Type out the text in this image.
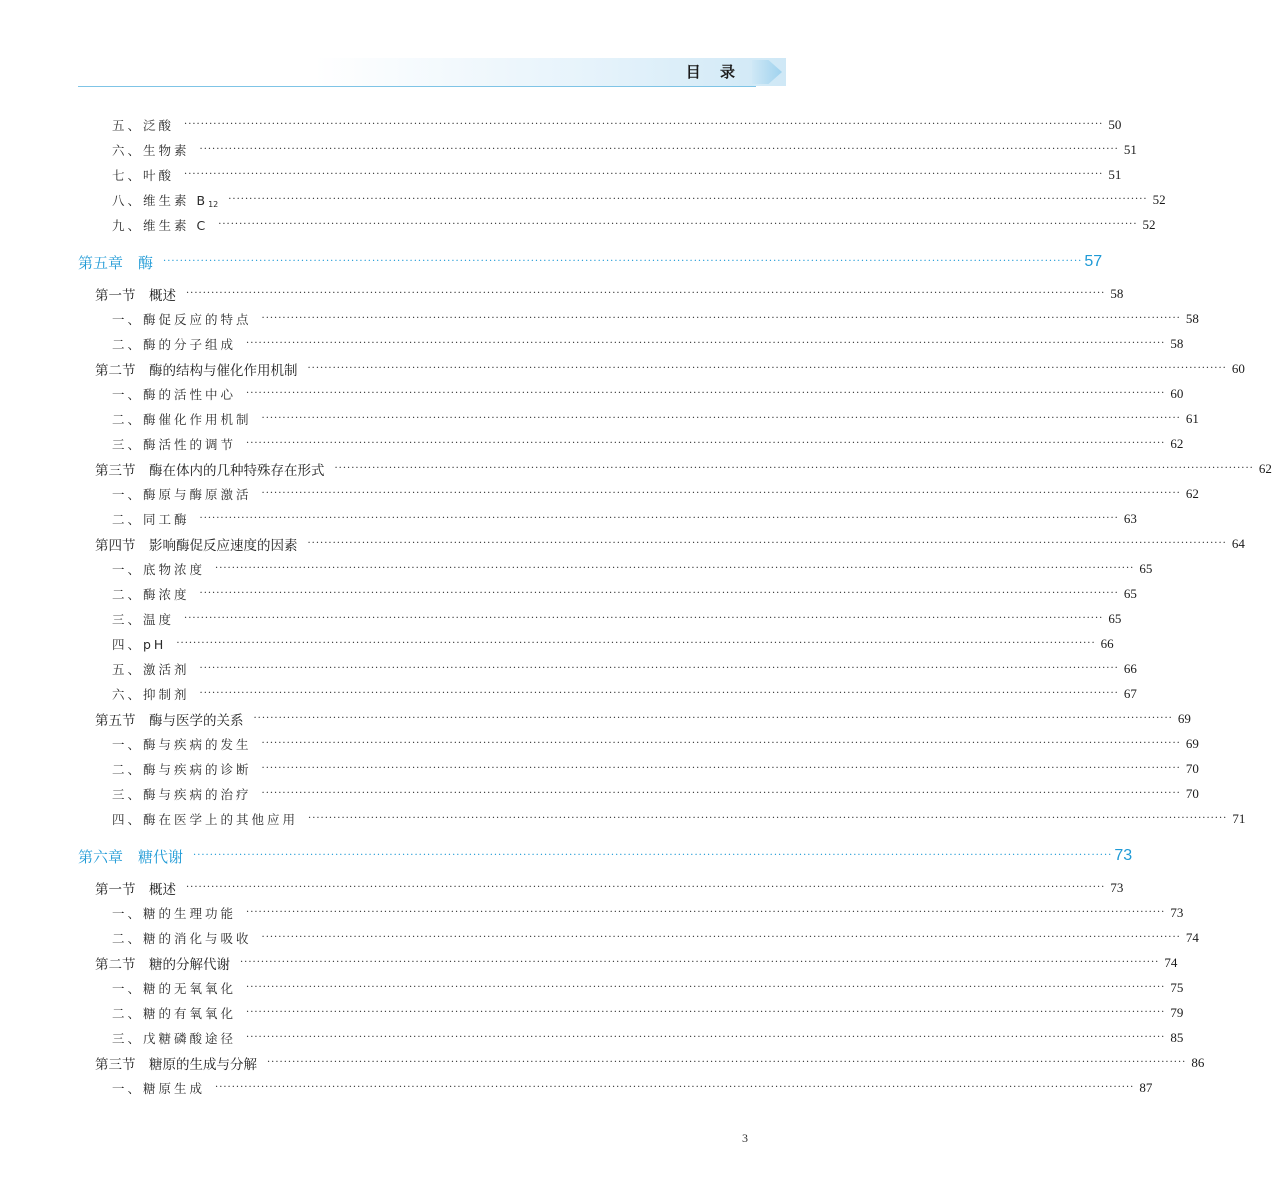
目 录
五、泛酸 ···························································································································································································································· 50
六、生物素 ···························································································································································································································· 51
七、叶酸 ···························································································································································································································· 51
八、维生素 $B_{12}$ ···························································································································································································································· 52
九、维生素 C ···························································································································································································································· 52
第五章　酶 ···························································································································································································································· 57
第一节　概述 ···························································································································································································································· 58
一、酶促反应的特点 ···························································································································································································································· 58
二、酶的分子组成 ···························································································································································································································· 58
第二节　酶的结构与催化作用机制 ···························································································································································································································· 60
一、酶的活性中心 ···························································································································································································································· 60
二、酶催化作用机制 ···························································································································································································································· 61
三、酶活性的调节 ···························································································································································································································· 62
第三节　酶在体内的几种特殊存在形式 ···························································································································································································································· 62
一、酶原与酶原激活 ···························································································································································································································· 62
二、同工酶 ···························································································································································································································· 63
第四节　影响酶促反应速度的因素 ···························································································································································································································· 64
一、底物浓度 ···························································································································································································································· 65
二、酶浓度 ···························································································································································································································· 65
三、温度 ···························································································································································································································· 65
四、pH ···························································································································································································································· 66
五、激活剂 ···························································································································································································································· 66
六、抑制剂 ···························································································································································································································· 67
第五节　酶与医学的关系 ···························································································································································································································· 69
一、酶与疾病的发生 ···························································································································································································································· 69
二、酶与疾病的诊断 ···························································································································································································································· 70
三、酶与疾病的治疗 ···························································································································································································································· 70
四、酶在医学上的其他应用 ···························································································································································································································· 71
第六章　糖代谢 ···························································································································································································································· 73
第一节　概述 ···························································································································································································································· 73
一、糖的生理功能 ···························································································································································································································· 73
二、糖的消化与吸收 ···························································································································································································································· 74
第二节　糖的分解代谢 ···························································································································································································································· 74
一、糖的无氧氧化 ···························································································································································································································· 75
二、糖的有氧氧化 ···························································································································································································································· 79
三、戊糖磷酸途径 ···························································································································································································································· 85
第三节　糖原的生成与分解 ···························································································································································································································· 86
一、糖原生成 ···························································································································································································································· 87
3
